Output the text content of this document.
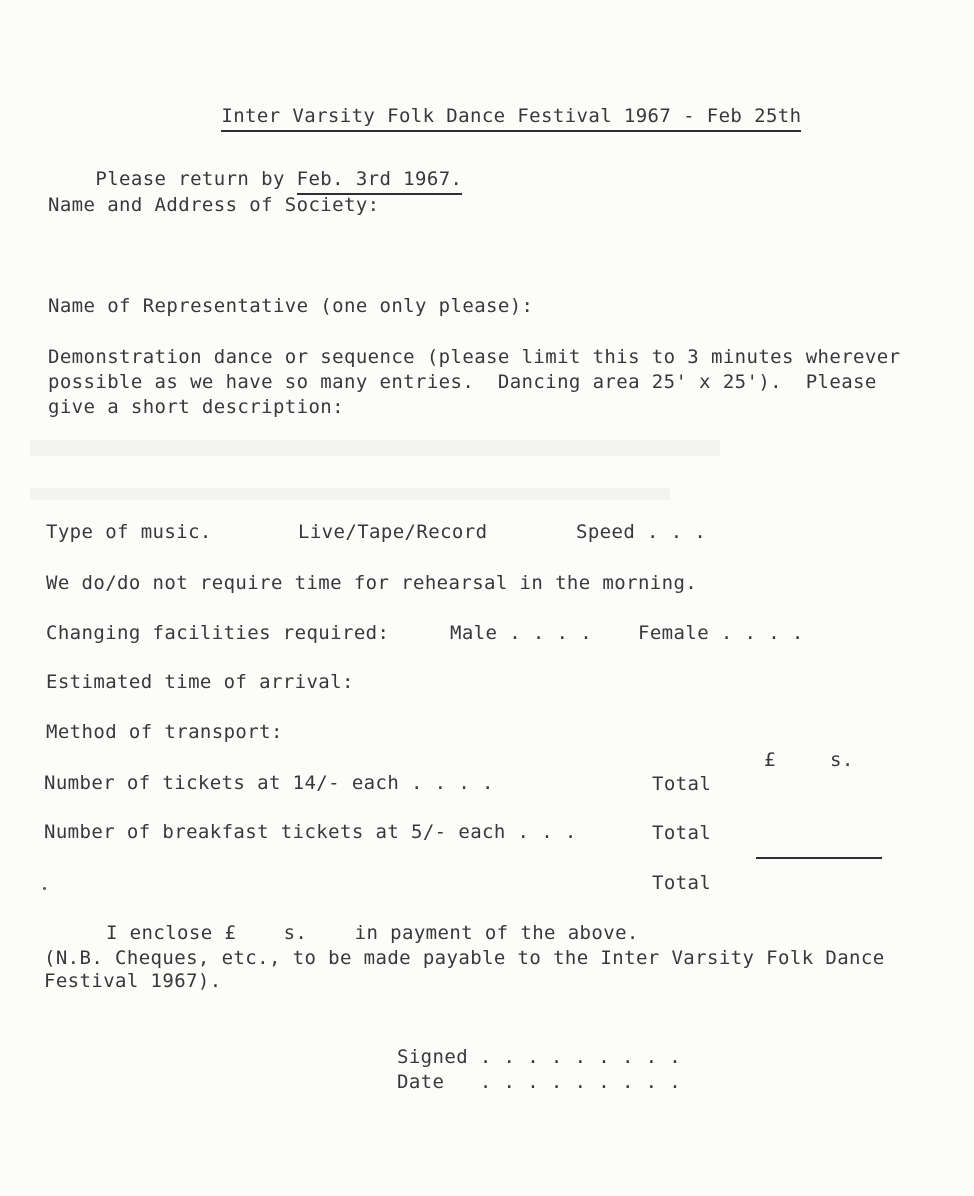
Inter Varsity Folk Dance Festival 1967 - Feb 25th

Please return by Feb. 3rd 1967.

Name and Address of Society:
Name of Representative (one only please):
Demonstration dance or sequence (please limit this to 3 minutes wherever
possible as we have so many entries.  Dancing area 25' x 25').  Please
give a short description:
Type of music.	Live/Tape/Record	Speed . . .
We do/do not require time for rehearsal in the morning.
Changing facilities required:	Male . . . . Female . . . .
Estimated time of arrival:
Method of transport:
£	s.
Number of tickets at 14/- each . . . .	Total
Number of breakfast tickets at 5/- each . . .	Total
Total
I enclose £    s.    in payment of the above.
(N.B. Cheques, etc., to be made payable to the Inter Varsity Folk Dance
Festival 1967).
Signed . . . . . . . . .
Date   . . . . . . . . .
